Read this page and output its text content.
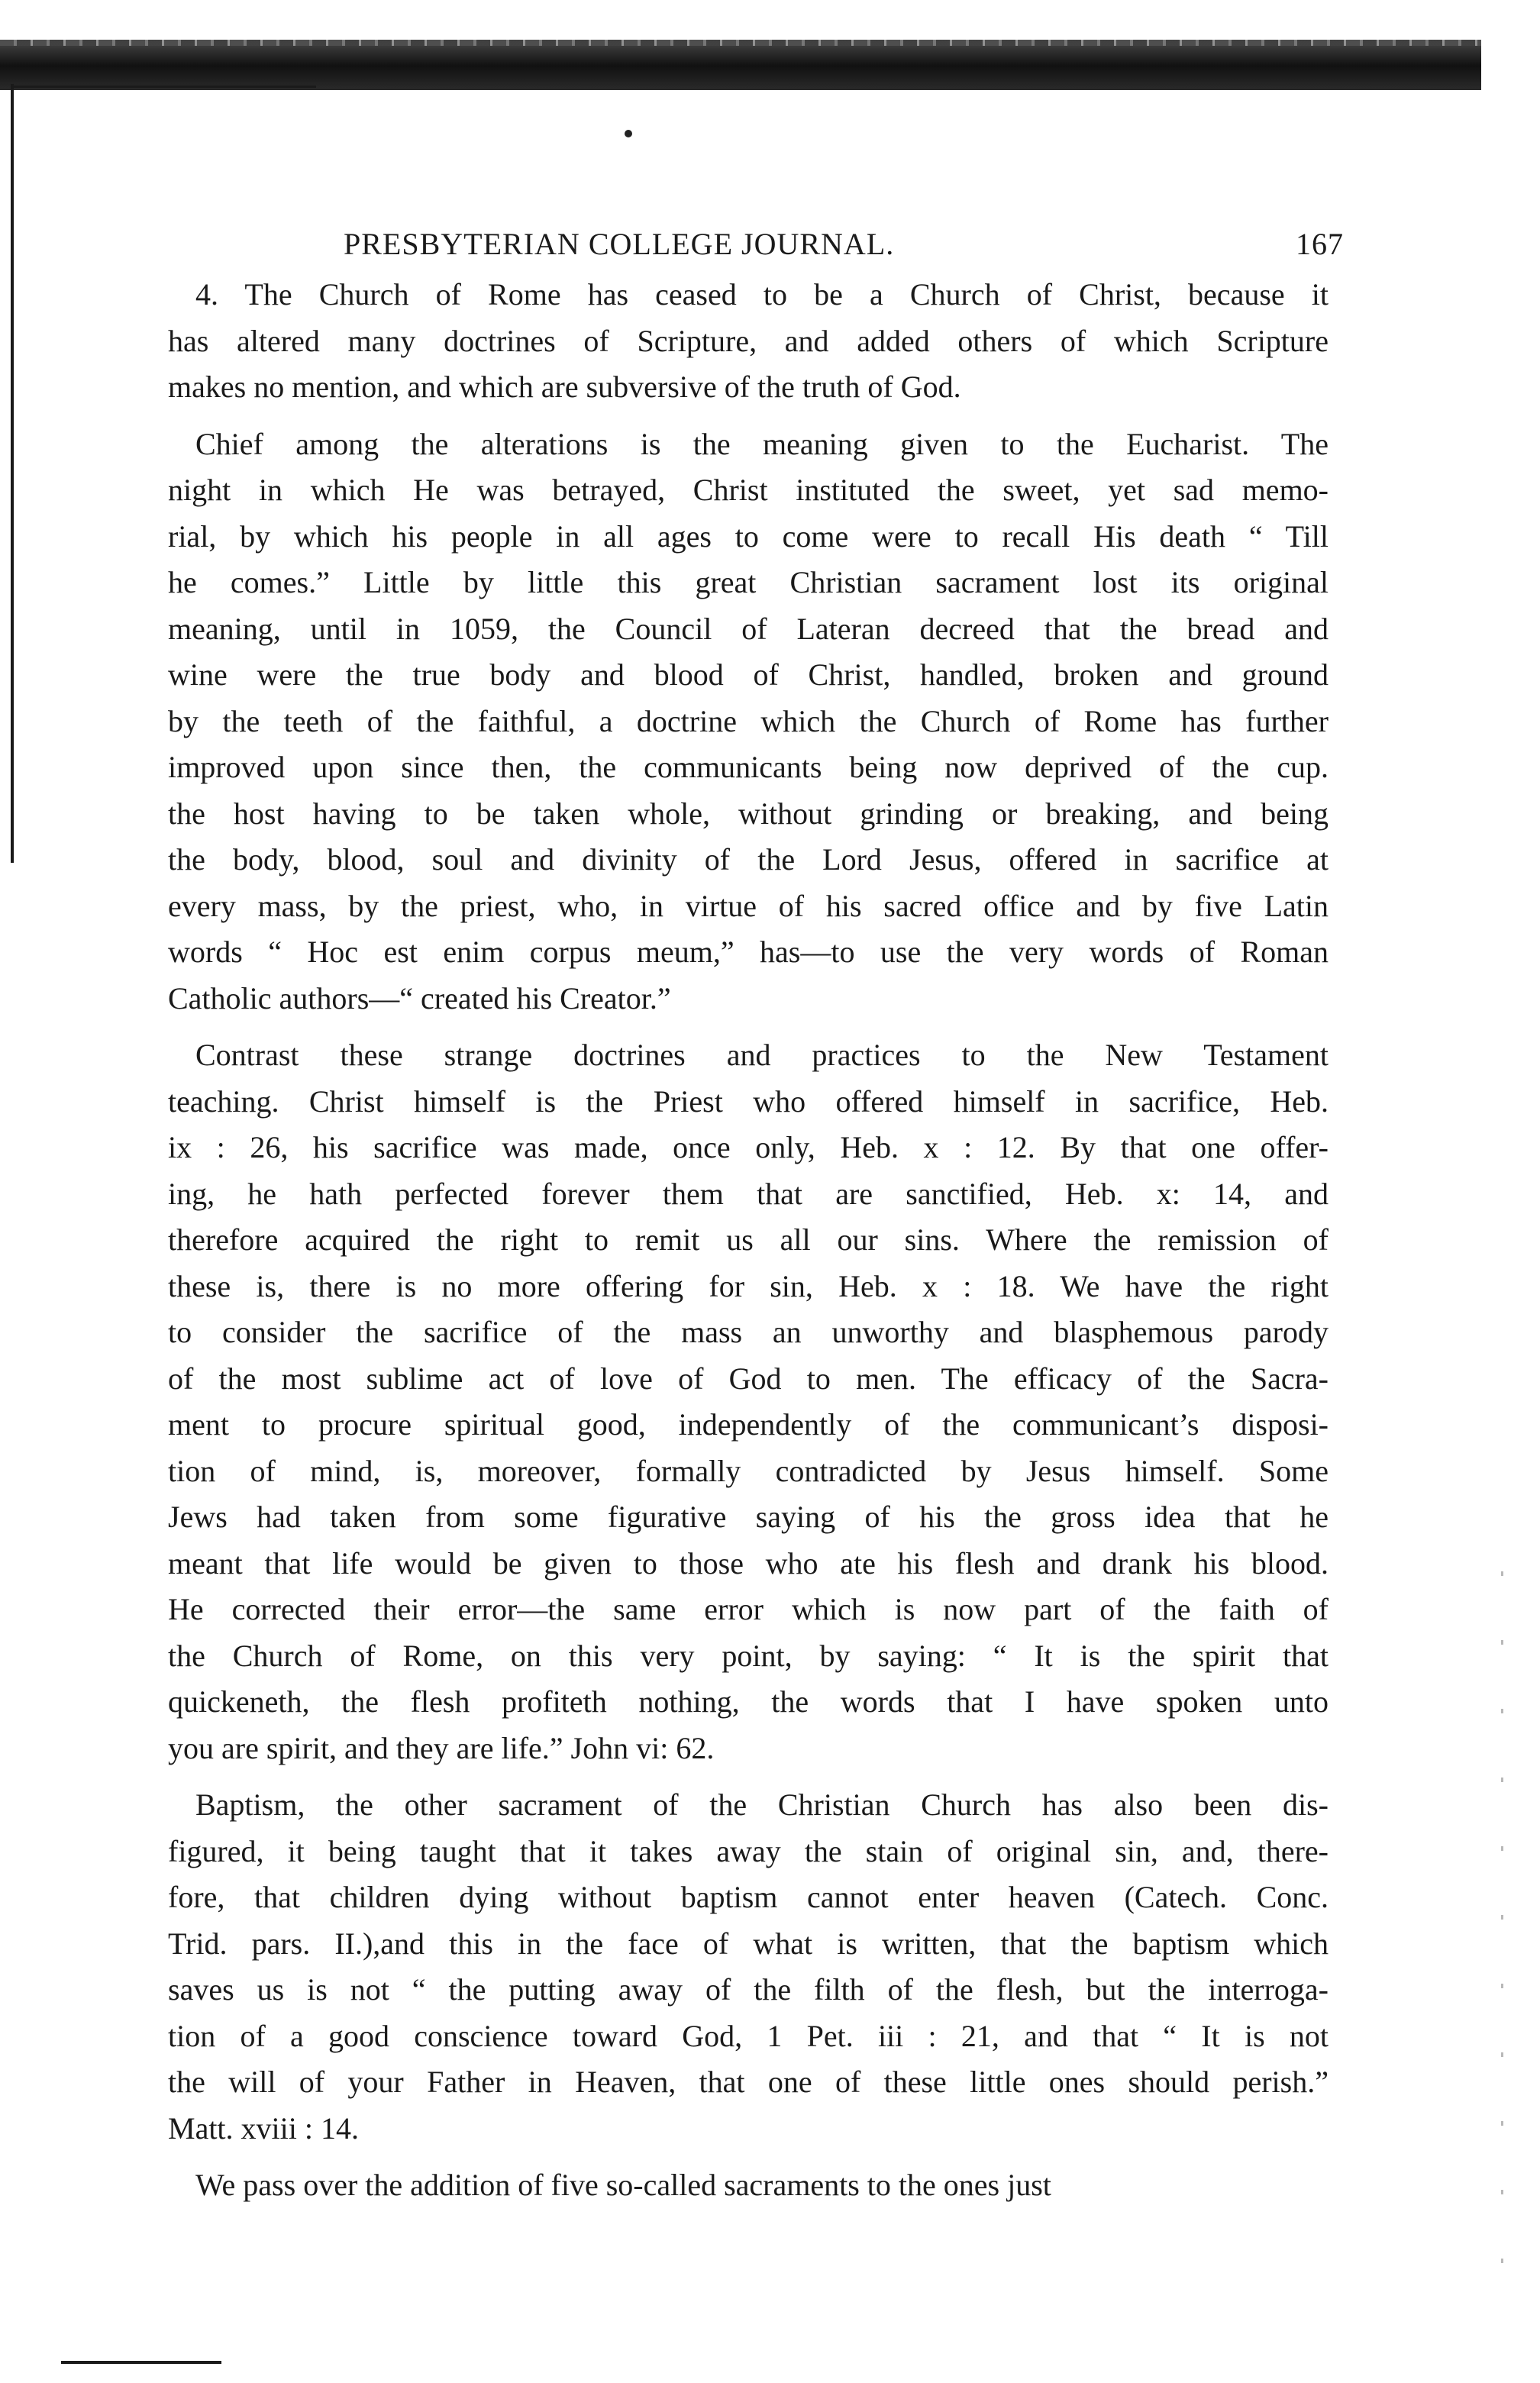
PRESBYTERIAN COLLEGE JOURNAL.	167
4. The Church of Rome has ceased to be a Church of Christ, because it
has altered many doctrines of Scripture, and added others of which Scripture
makes no mention, and which are subversive of the truth of God.
Chief among the alterations is the meaning given to the Eucharist. The
night in which He was betrayed, Christ instituted the sweet, yet sad memo-
rial, by which his people in all ages to come were to recall His death “ Till
he comes.” Little by little this great Christian sacrament lost its original
meaning, until in 1059, the Council of Lateran decreed that the bread and
wine were the true body and blood of Christ, handled, broken and ground
by the teeth of the faithful, a doctrine which the Church of Rome has further
improved upon since then, the communicants being now deprived of the cup.
the host having to be taken whole, without grinding or breaking, and being
the body, blood, soul and divinity of the Lord Jesus, offered in sacrifice at
every mass, by the priest, who, in virtue of his sacred office and by five Latin
words “ Hoc est enim corpus meum,” has—to use the very words of Roman
Catholic authors—“ created his Creator.”
Contrast these strange doctrines and practices to the New Testament
teaching. Christ himself is the Priest who offered himself in sacrifice, Heb.
ix : 26, his sacrifice was made, once only, Heb. x : 12. By that one offer-
ing, he hath perfected forever them that are sanctified, Heb. x: 14, and
therefore acquired the right to remit us all our sins. Where the remission of
these is, there is no more offering for sin, Heb. x : 18. We have the right
to consider the sacrifice of the mass an unworthy and blasphemous parody
of the most sublime act of love of God to men. The efficacy of the Sacra-
ment to procure spiritual good, independently of the communicant’s disposi-
tion of mind, is, moreover, formally contradicted by Jesus himself. Some
Jews had taken from some figurative saying of his the gross idea that he
meant that life would be given to those who ate his flesh and drank his blood.
He corrected their error—the same error which is now part of the faith of
the Church of Rome, on this very point, by saying: “ It is the spirit that
quickeneth, the flesh profiteth nothing, the words that I have spoken unto
you are spirit, and they are life.” John vi: 62.
Baptism, the other sacrament of the Christian Church has also been dis-
figured, it being taught that it takes away the stain of original sin, and, there-
fore, that children dying without baptism cannot enter heaven (Catech. Conc.
Trid. pars. II.),and this in the face of what is written, that the baptism which
saves us is not “ the putting away of the filth of the flesh, but the interroga-
tion of a good conscience toward God, 1 Pet. iii : 21, and that “ It is not
the will of your Father in Heaven, that one of these little ones should perish.”
Matt. xviii : 14.
We pass over the addition of five so-called sacraments to the ones just
